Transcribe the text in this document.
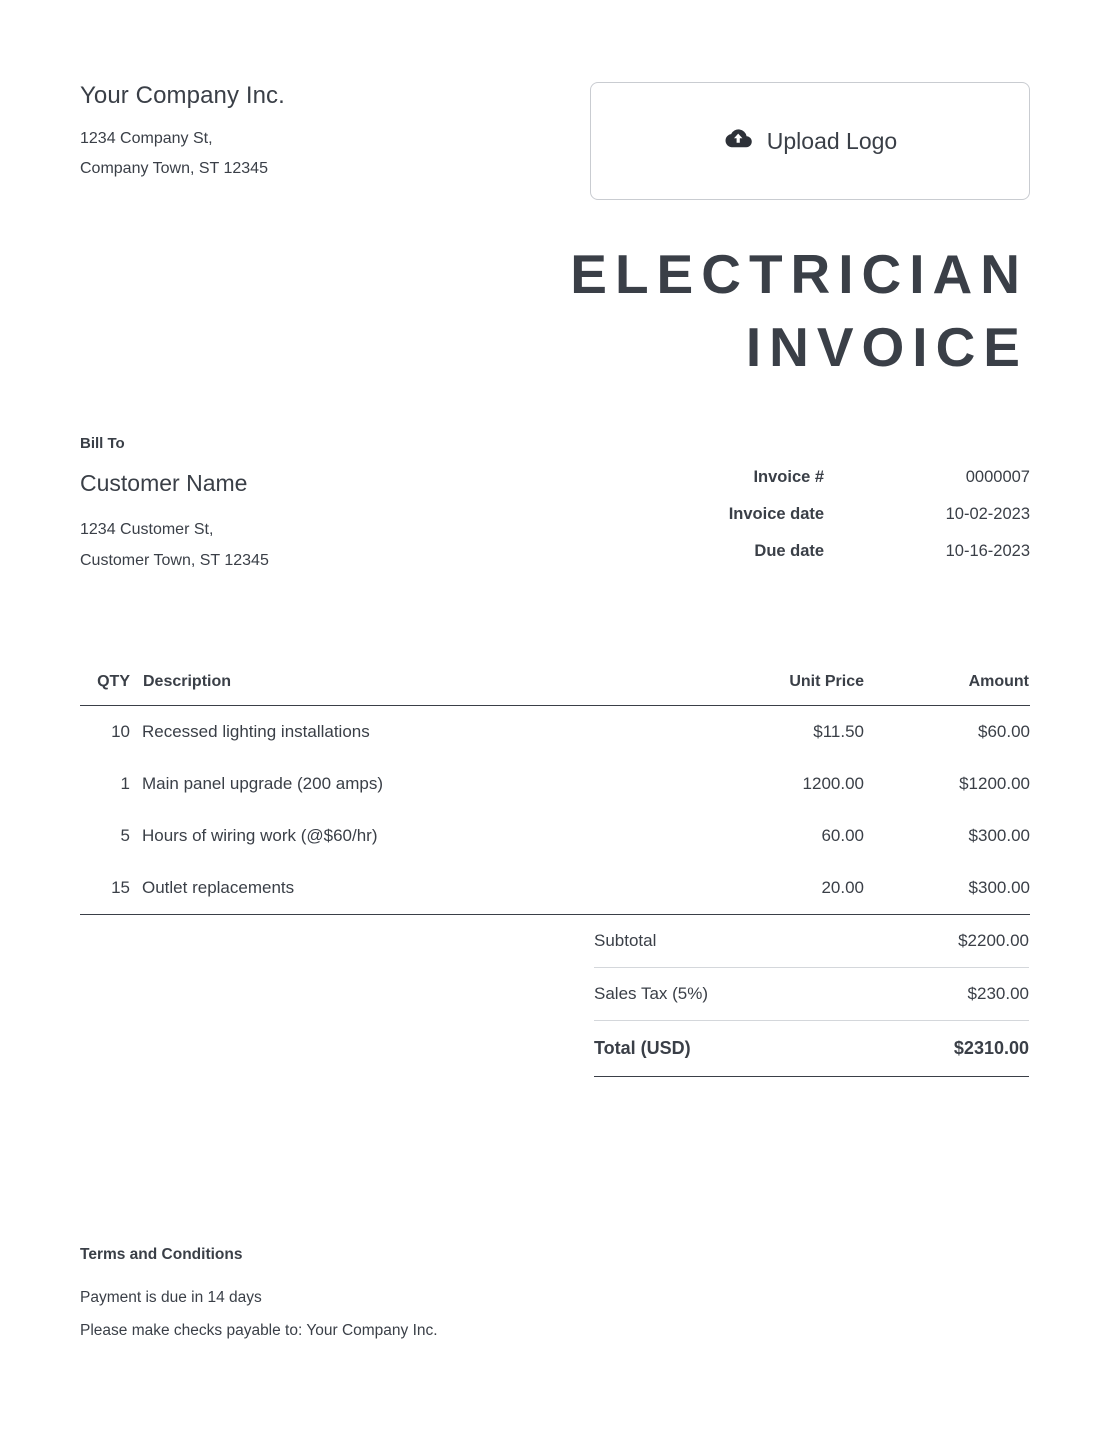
Your Company Inc.
1234 Company St,
Company Town, ST 12345
Upload Logo
ELECTRICIAN
INVOICE
Bill To
Customer Name
1234 Customer St,
Customer Town, ST 12345
Invoice #	0000007
Invoice date	10-02-2023
Due date	10-16-2023
QTY	Description	Unit Price	Amount
10	Recessed lighting installations	$11.50	$60.00
1	Main panel upgrade (200 amps)	1200.00	$1200.00
5	Hours of wiring work (@$60/hr)	60.00	$300.00
15	Outlet replacements	20.00	$300.00
Subtotal	$2200.00
Sales Tax (5%)	$230.00
Total (USD)	$2310.00
Terms and Conditions
Payment is due in 14 days
Please make checks payable to: Your Company Inc.
